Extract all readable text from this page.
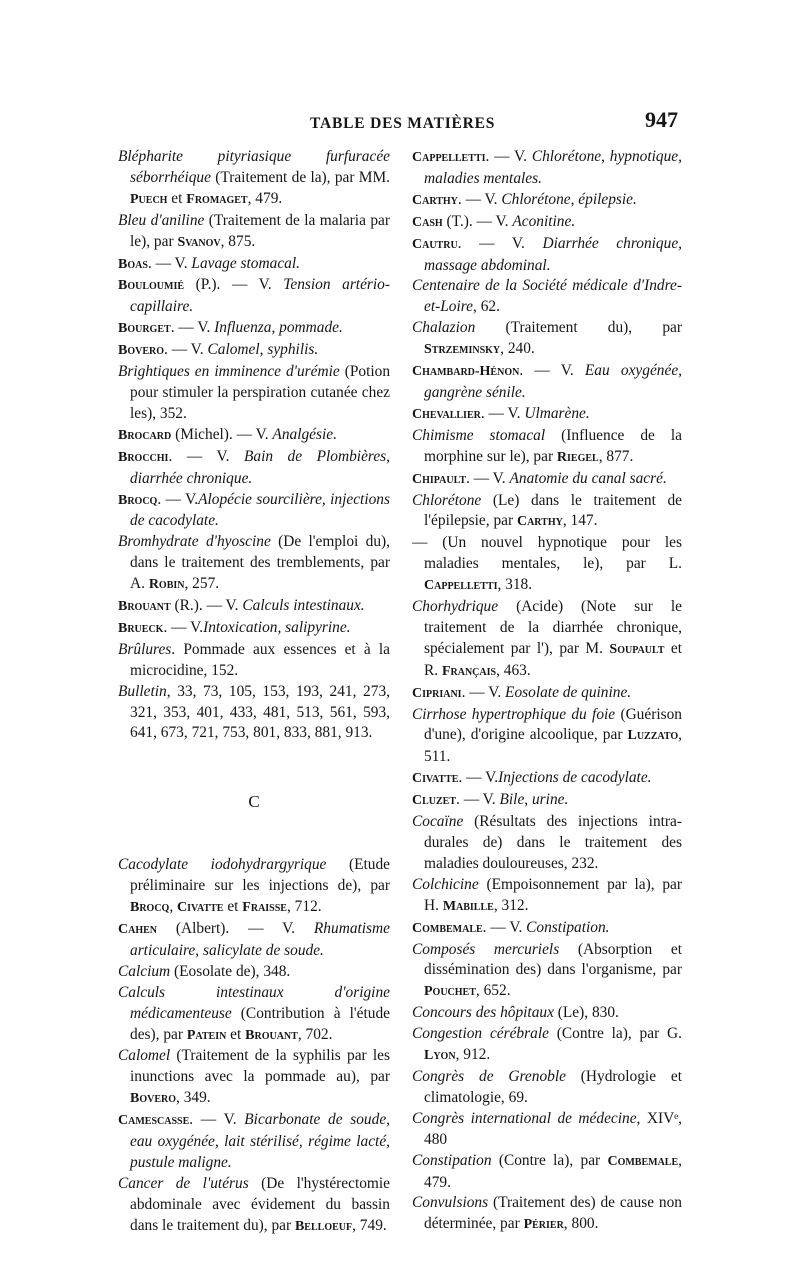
TABLE DES MATIÈRES	947

Blépharite pityriasique furfuracée séborrhéique (Traitement de la), par MM. Puech et Fromaget, 479.

Bleu d'aniline (Traitement de la malaria par le), par Svanov, 875.

Boas. — V. Lavage stomacal.

Bouloumié (P.). — V. Tension artério-capillaire.

Bourget. — V. Influenza, pommade.

Bovero. — V. Calomel, syphilis.

Brightiques en imminence d'urémie (Potion pour stimuler la perspiration cutanée chez les), 352.

Brocard (Michel). — V. Analgésie.

Brocchi. — V. Bain de Plombières, diarrhée chronique.

Brocq. — V.Alopécie sourcilière, injections de cacodylate.

Bromhydrate d'hyoscine (De l'emploi du), dans le traitement des tremblements, par A. Robin, 257.

Brouant (R.). — V. Calculs intestinaux.

Brueck. — V.Intoxication, salipyrine.

Brûlures. Pommade aux essences et à la microcidine, 152.

Bulletin, 33, 73, 105, 153, 193, 241, 273, 321, 353, 401, 433, 481, 513, 561, 593, 641, 673, 721, 753, 801, 833, 881, 913.

C

Cacodylate iodohydrargyrique (Etude préliminaire sur les injections de), par Brocq, Civatte et Fraisse, 712.

Cahen (Albert). — V. Rhumatisme articulaire, salicylate de soude.

Calcium (Eosolate de), 348.

Calculs intestinaux d'origine médicamenteuse (Contribution à l'étude des), par Patein et Brouant, 702.

Calomel (Traitement de la syphilis par les inunctions avec la pommade au), par Bovero, 349.

Camescasse. — V. Bicarbonate de soude, eau oxygénée, lait stérilisé, régime lacté, pustule maligne.

Cancer de l'utérus (De l'hystérectomie abdominale avec évidement du bassin dans le traitement du), par Belloeuf, 749.

Cappelletti. — V. Chlorétone, hypnotique, maladies mentales.

Carthy. — V. Chlorétone, épilepsie.

Cash (T.). — V. Aconitine.

Cautru. — V. Diarrhée chronique, massage abdominal.

Centenaire de la Société médicale d'Indre-et-Loire, 62.

Chalazion (Traitement du), par Strzeminsky, 240.

Chambard-Hénon. — V. Eau oxygénée, gangrène sénile.

Chevallier. — V. Ulmarène.

Chimisme stomacal (Influence de la morphine sur le), par Riegel, 877.

Chipault. — V. Anatomie du canal sacré.

Chlorétone (Le) dans le traitement de l'épilepsie, par Carthy, 147.

— (Un nouvel hypnotique pour les maladies mentales, le), par L. Cappelletti, 318.

Chorhydrique (Acide) (Note sur le traitement de la diarrhée chronique, spécialement par l'), par M. Soupault et R. Français, 463.

Cipriani. — V. Eosolate de quinine.

Cirrhose hypertrophique du foie (Guérison d'une), d'origine alcoolique, par Luzzato, 511.

Civatte. — V.Injections de cacodylate.

Cluzet. — V. Bile, urine.

Cocaïne (Résultats des injections intra-durales de) dans le traitement des maladies douloureuses, 232.

Colchicine (Empoisonnement par la), par H. Mabille, 312.

Combemale. — V. Constipation.

Composés mercuriels (Absorption et dissémination des) dans l'organisme, par Pouchet, 652.

Concours des hôpitaux (Le), 830.

Congestion cérébrale (Contre la), par G. Lyon, 912.

Congrès de Grenoble (Hydrologie et climatologie, 69.

Congrès international de médecine, XIVᵉ, 480

Constipation (Contre la), par Combemale, 479.

Convulsions (Traitement des) de cause non déterminée, par Périer, 800.
